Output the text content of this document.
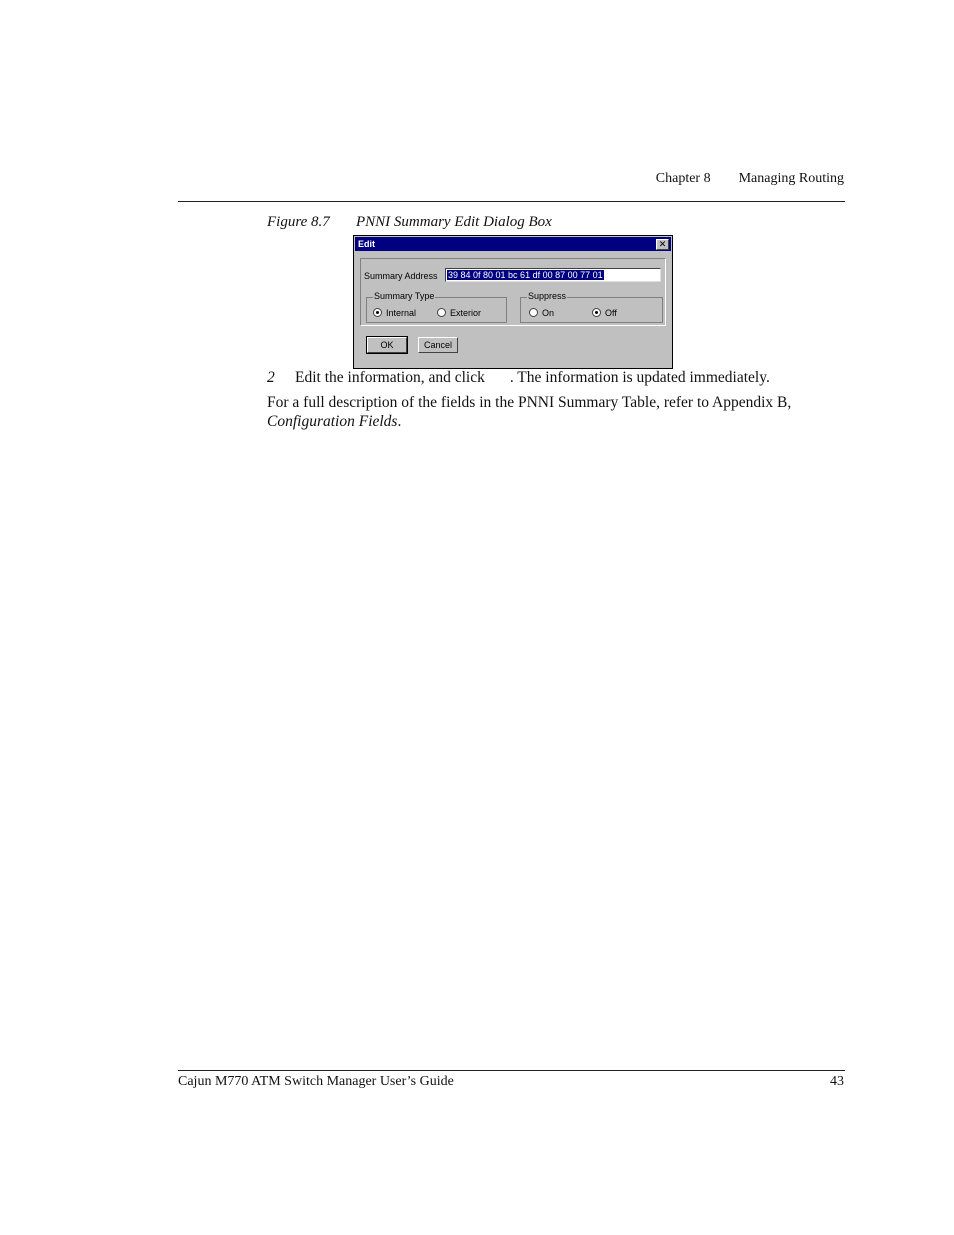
Chapter 8 Managing Routing
Figure 8.7 PNNI Summary Edit Dialog Box
Edit	✕
Summary Address 39 84 0f 80 01 bc 61 df 00 87 00 77 01
Summary Type
Internal	Exterior
Suppress
On	Off
OK	Cancel
2 Edit the information, and click . The information is updated immediately.
For a full description of the fields in the PNNI Summary Table, refer to Appendix B, Configuration Fields.
Cajun M770 ATM Switch Manager User’s Guide	43
